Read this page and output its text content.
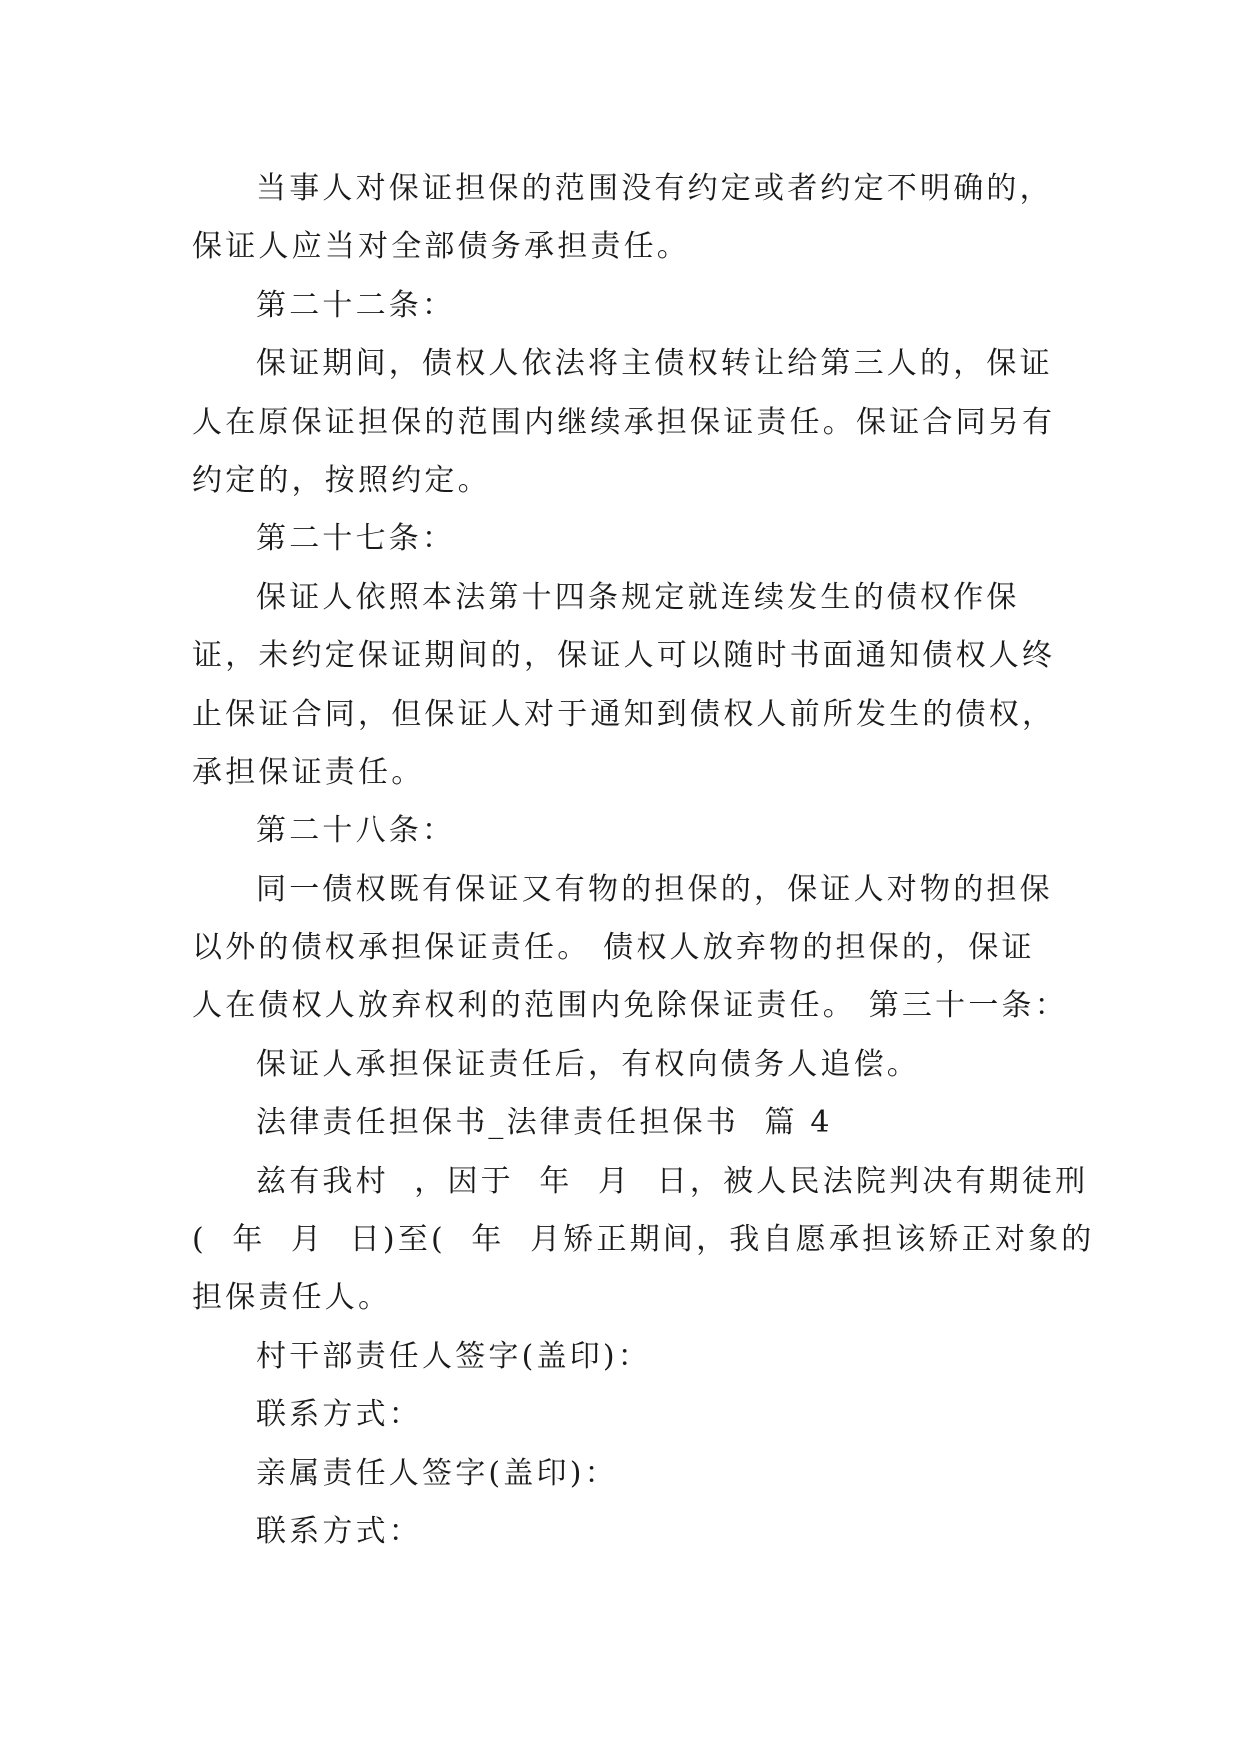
当事人对保证担保的范围没有约定或者约定不明确的，
保证人应当对全部债务承担责任。
第二十二条：
保证期间，债权人依法将主债权转让给第三人的，保证
人在原保证担保的范围内继续承担保证责任。保证合同另有
约定的，按照约定。
第二十七条：
保证人依照本法第十四条规定就连续发生的债权作保
证，未约定保证期间的，保证人可以随时书面通知债权人终
止保证合同，但保证人对于通知到债权人前所发生的债权，
承担保证责任。
第二十八条：
同一债权既有保证又有物的担保的，保证人对物的担保
以外的债权承担保证责任。 债权人放弃物的担保的，保证
人在债权人放弃权利的范围内免除保证责任。 第三十一条：
保证人承担保证责任后，有权向债务人追偿。
法律责任担保书_法律责任担保书  篇 4
兹有我村  ，因于  年  月  日，被人民法院判决有期徒刑
(  年  月  日)至(  年  月矫正期间，我自愿承担该矫正对象的
担保责任人。
村干部责任人签字(盖印)：
联系方式：
亲属责任人签字(盖印)：
联系方式：
